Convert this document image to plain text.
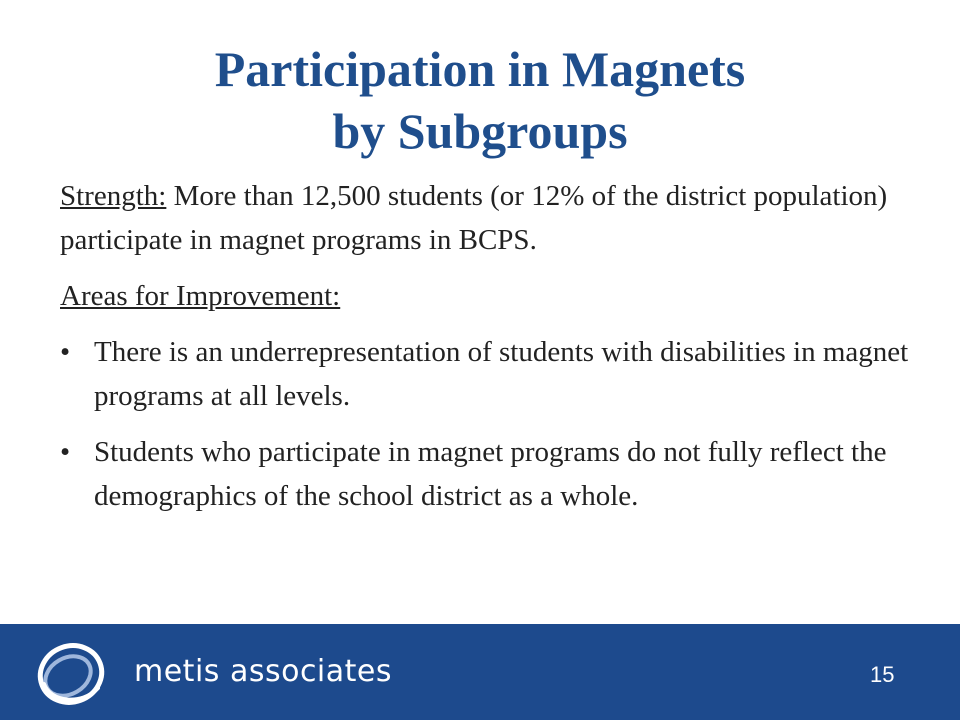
Participation in Magnets
by Subgroups

Strength: More than 12,500 students (or 12% of the district population) participate in magnet programs in BCPS.

Areas for Improvement:

• There is an underrepresentation of students with disabilities in magnet programs at all levels.
• Students who participate in magnet programs do not fully reflect the demographics of the school district as a whole.
metis associates	15
